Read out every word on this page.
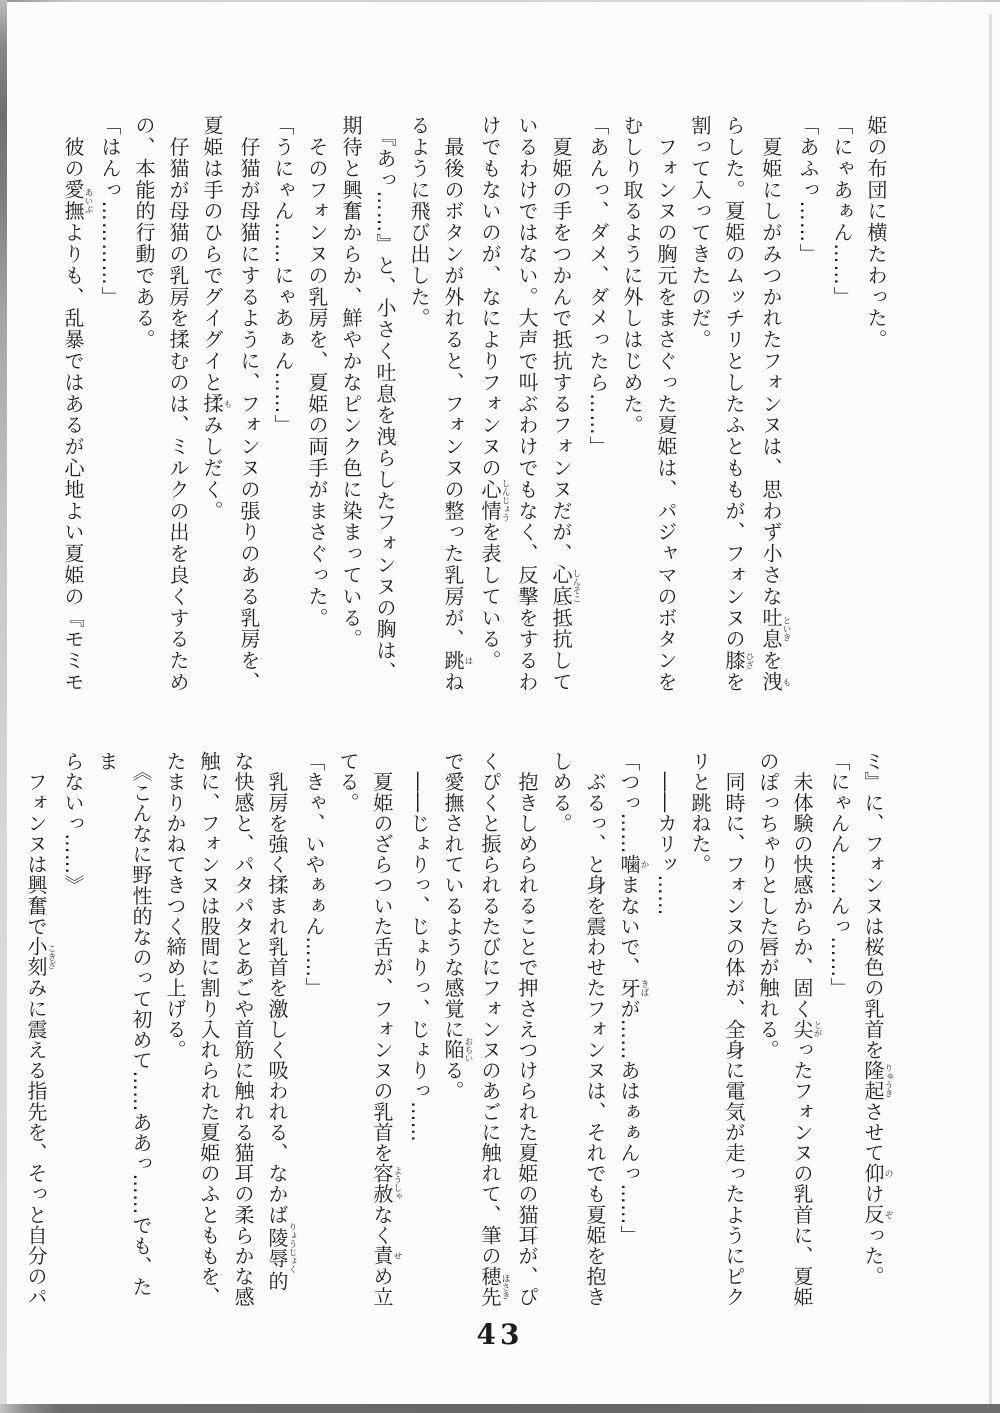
姫の布団に横たわった。

「にゃあぁん……」

「あふっ……」

　夏姫にしがみつかれたフォンヌは、思わず小さな吐息といきを洩も

らした。夏姫のムッチリとしたふとももが、フォンヌの膝ひざを

割って入ってきたのだ。

　フォンヌの胸元をまさぐった夏姫は、パジャマのボタンを

むしり取るように外しはじめた。

「あんっ、ダメ、ダメったら……」

　夏姫の手をつかんで抵抗するフォンヌだが、心底しんそこ抵抗して

いるわけではない。大声で叫ぶわけでもなく、反撃をするわ

けでもないのが、なによりフォンヌの心情しんじょうを表している。

　最後のボタンが外れると、フォンヌの整った乳房が、跳はね

るように飛び出した。

　『あっ……』と、小さく吐息を洩らしたフォンヌの胸は、

期待と興奮からか、鮮やかなピンク色に染まっている。

　そのフォンヌの乳房を、夏姫の両手がまさぐった。

「うにゃん……にゃあぁん……」

　仔猫が母猫にするように、フォンヌの張りのある乳房を、

夏姫は手のひらでグイグイと揉もみしだく。

　仔猫が母猫の乳房を揉むのは、ミルクの出を良くするため

の、本能的行動である。

「はんっ…………」

　彼の愛撫あいぶよりも、乱暴ではあるが心地よい夏姫の『モミモ

ミ』に、フォンヌは桜色の乳首を隆起りゅうきさせて仰のけ反ぞった。

「にゃんん……んっ……」

　未体験の快感からか、固く尖とがったフォンヌの乳首に、夏姫

のぽっちゃりとした唇が触れる。

　同時に、フォンヌの体が、全身に電気が走ったようにピク

リと跳ねた。

　――カリッ……

「つっ……噛かまないで、牙きばが……あはぁぁんっ……」

　ぶるっ、と身を震わせたフォンヌは、それでも夏姫を抱き

しめる。

　抱きしめられることで押さえつけられた夏姫の猫耳が、ぴ

くぴくと振られるたびにフォンヌのあごに触れて、筆の穂先ほさき

で愛撫されているような感覚に陥おちいる。

　――じょりっ、じょりっ、じょりっ……

　夏姫のざらついた舌が、フォンヌの乳首を容赦ようしゃなく責せめ立

てる。

「きゃ、いやぁぁん……」

　乳房を強く揉まれ乳首を激しく吸われる、なかば陵辱りょうじょく的

な快感と、パタパタとあごや首筋に触れる猫耳の柔らかな感

触に、フォンヌは股間に割り入れられた夏姫のふとももを、

たまりかねてきつく締め上げる。

　《こんなに野性的なのって初めて……ああっ……でも、たま

らないっ……》

　フォンヌは興奮で小刻こきざみに震える指先を、そっと自分のパ

43
